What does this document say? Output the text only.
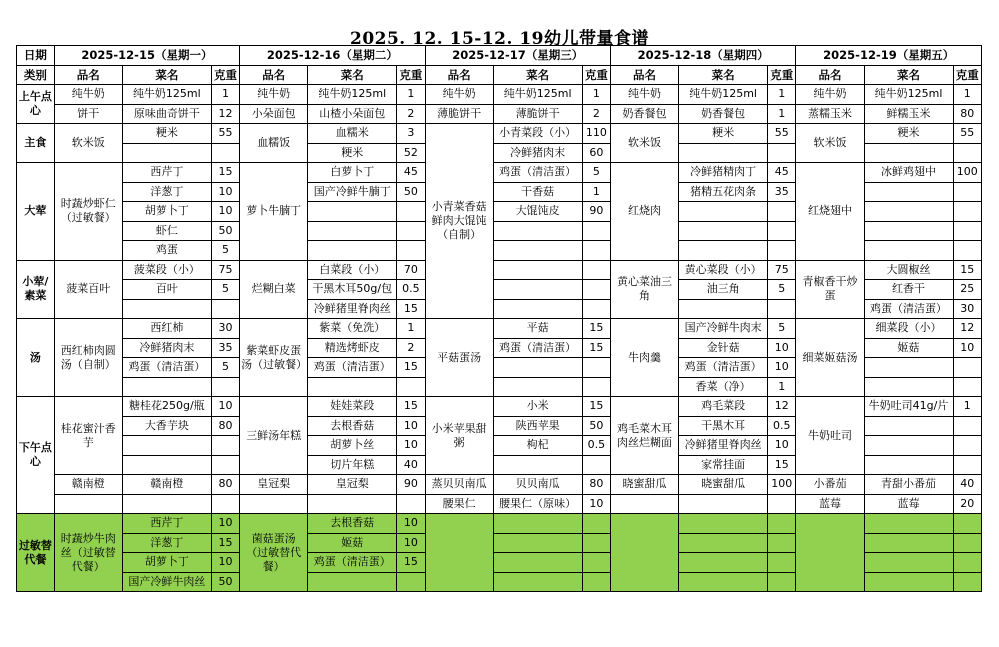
2025. 12. 15-12. 19幼儿带量食谱
日期	2025-12-15（星期一）			2025-12-16（星期二）			2025-12-17（星期三）			2025-12-18（星期四）			2025-12-19（星期五）		
类别	品名	菜名	克重	品名	菜名	克重	品名	菜名	克重	品名	菜名	克重	品名	菜名	克重
上午点心	纯牛奶	纯牛奶125ml	1	纯牛奶	纯牛奶125ml	1	纯牛奶	纯牛奶125ml	1	纯牛奶	纯牛奶125ml	1	纯牛奶	纯牛奶125ml	1
	饼干	原味曲奇饼干	12	小朵面包	山楂小朵面包	2	薄脆饼干	薄脆饼干	2	奶香餐包	奶香餐包	1	蒸糯玉米	鲜糯玉米	80
主食	软米饭	粳米	55	血糯饭	血糯米	3	小青菜香菇鲜肉大馄饨（自制）	小青菜段（小）	110	软米饭	粳米	55	软米饭	粳米	55
					粳米	52		冷鲜猪肉末	60						
大荤	时蔬炒虾仁（过敏餐）	西芹丁	15	萝卜牛腩丁	白萝卜丁	45		鸡蛋（清洁蛋）	5	红烧肉	冷鲜猪精肉丁	45	红烧翅中	冰鲜鸡翅中	100
		洋葱丁	10		国产冷鲜牛腩丁	50		干香菇	1		猪精五花肉条	35			
		胡萝卜丁	10					大馄饨皮	90						
		虾仁	50												
		鸡蛋	5												
小荤/素菜	菠菜百叶	菠菜段（小）	75	烂糊白菜	白菜段（小）	70				黄心菜油三角	黄心菜段（小）	75	青椒香干炒蛋	大圆椒丝	15
		百叶	5		干黑木耳50g/包	0.5					油三角	5		红香干	25
					冷鲜猪里脊肉丝	15								鸡蛋（清洁蛋）	30
汤	西红柿肉圆汤（自制）	西红柿	30	紫菜虾皮蛋汤（过敏餐）	紫菜（免洗）	1	平菇蛋汤	平菇	15	牛肉羹	国产冷鲜牛肉末	5	细菜姬菇汤	细菜段（小）	12
		冷鲜猪肉末	35		精选烤虾皮	2		鸡蛋（清洁蛋）	15		金针菇	10		姬菇	10
		鸡蛋（清洁蛋）	5		鸡蛋（清洁蛋）	15					鸡蛋（清洁蛋）	10			
											香菜（净）	1			
下午点心	桂花蜜汁香芋	糖桂花250g/瓶	10	三鲜汤年糕	娃娃菜段	15	小米苹果甜粥	小米	15	鸡毛菜木耳肉丝烂糊面	鸡毛菜段	12	牛奶吐司	牛奶吐司41g/片	1
		大香芋块	80		去根香菇	10		陕西苹果	50		干黑木耳	0.5			
					胡萝卜丝	10		枸杞	0.5		冷鲜猪里脊肉丝	10			
					切片年糕	40					家常挂面	15			
	赣南橙	赣南橙	80	皇冠梨	皇冠梨	90	蒸贝贝南瓜	贝贝南瓜	80	晓蜜甜瓜	晓蜜甜瓜	100	小番茄	青甜小番茄	40
							腰果仁	腰果仁（原味）	10				蓝莓	蓝莓	20
过敏替代餐	时蔬炒牛肉丝（过敏替代餐）	西芹丁	10	菌菇蛋汤（过敏替代餐）	去根香菇	10									
		洋葱丁	15		姬菇	10									
		胡萝卜丁	10		鸡蛋（清洁蛋）	15									
		国产冷鲜牛肉丝	50												
